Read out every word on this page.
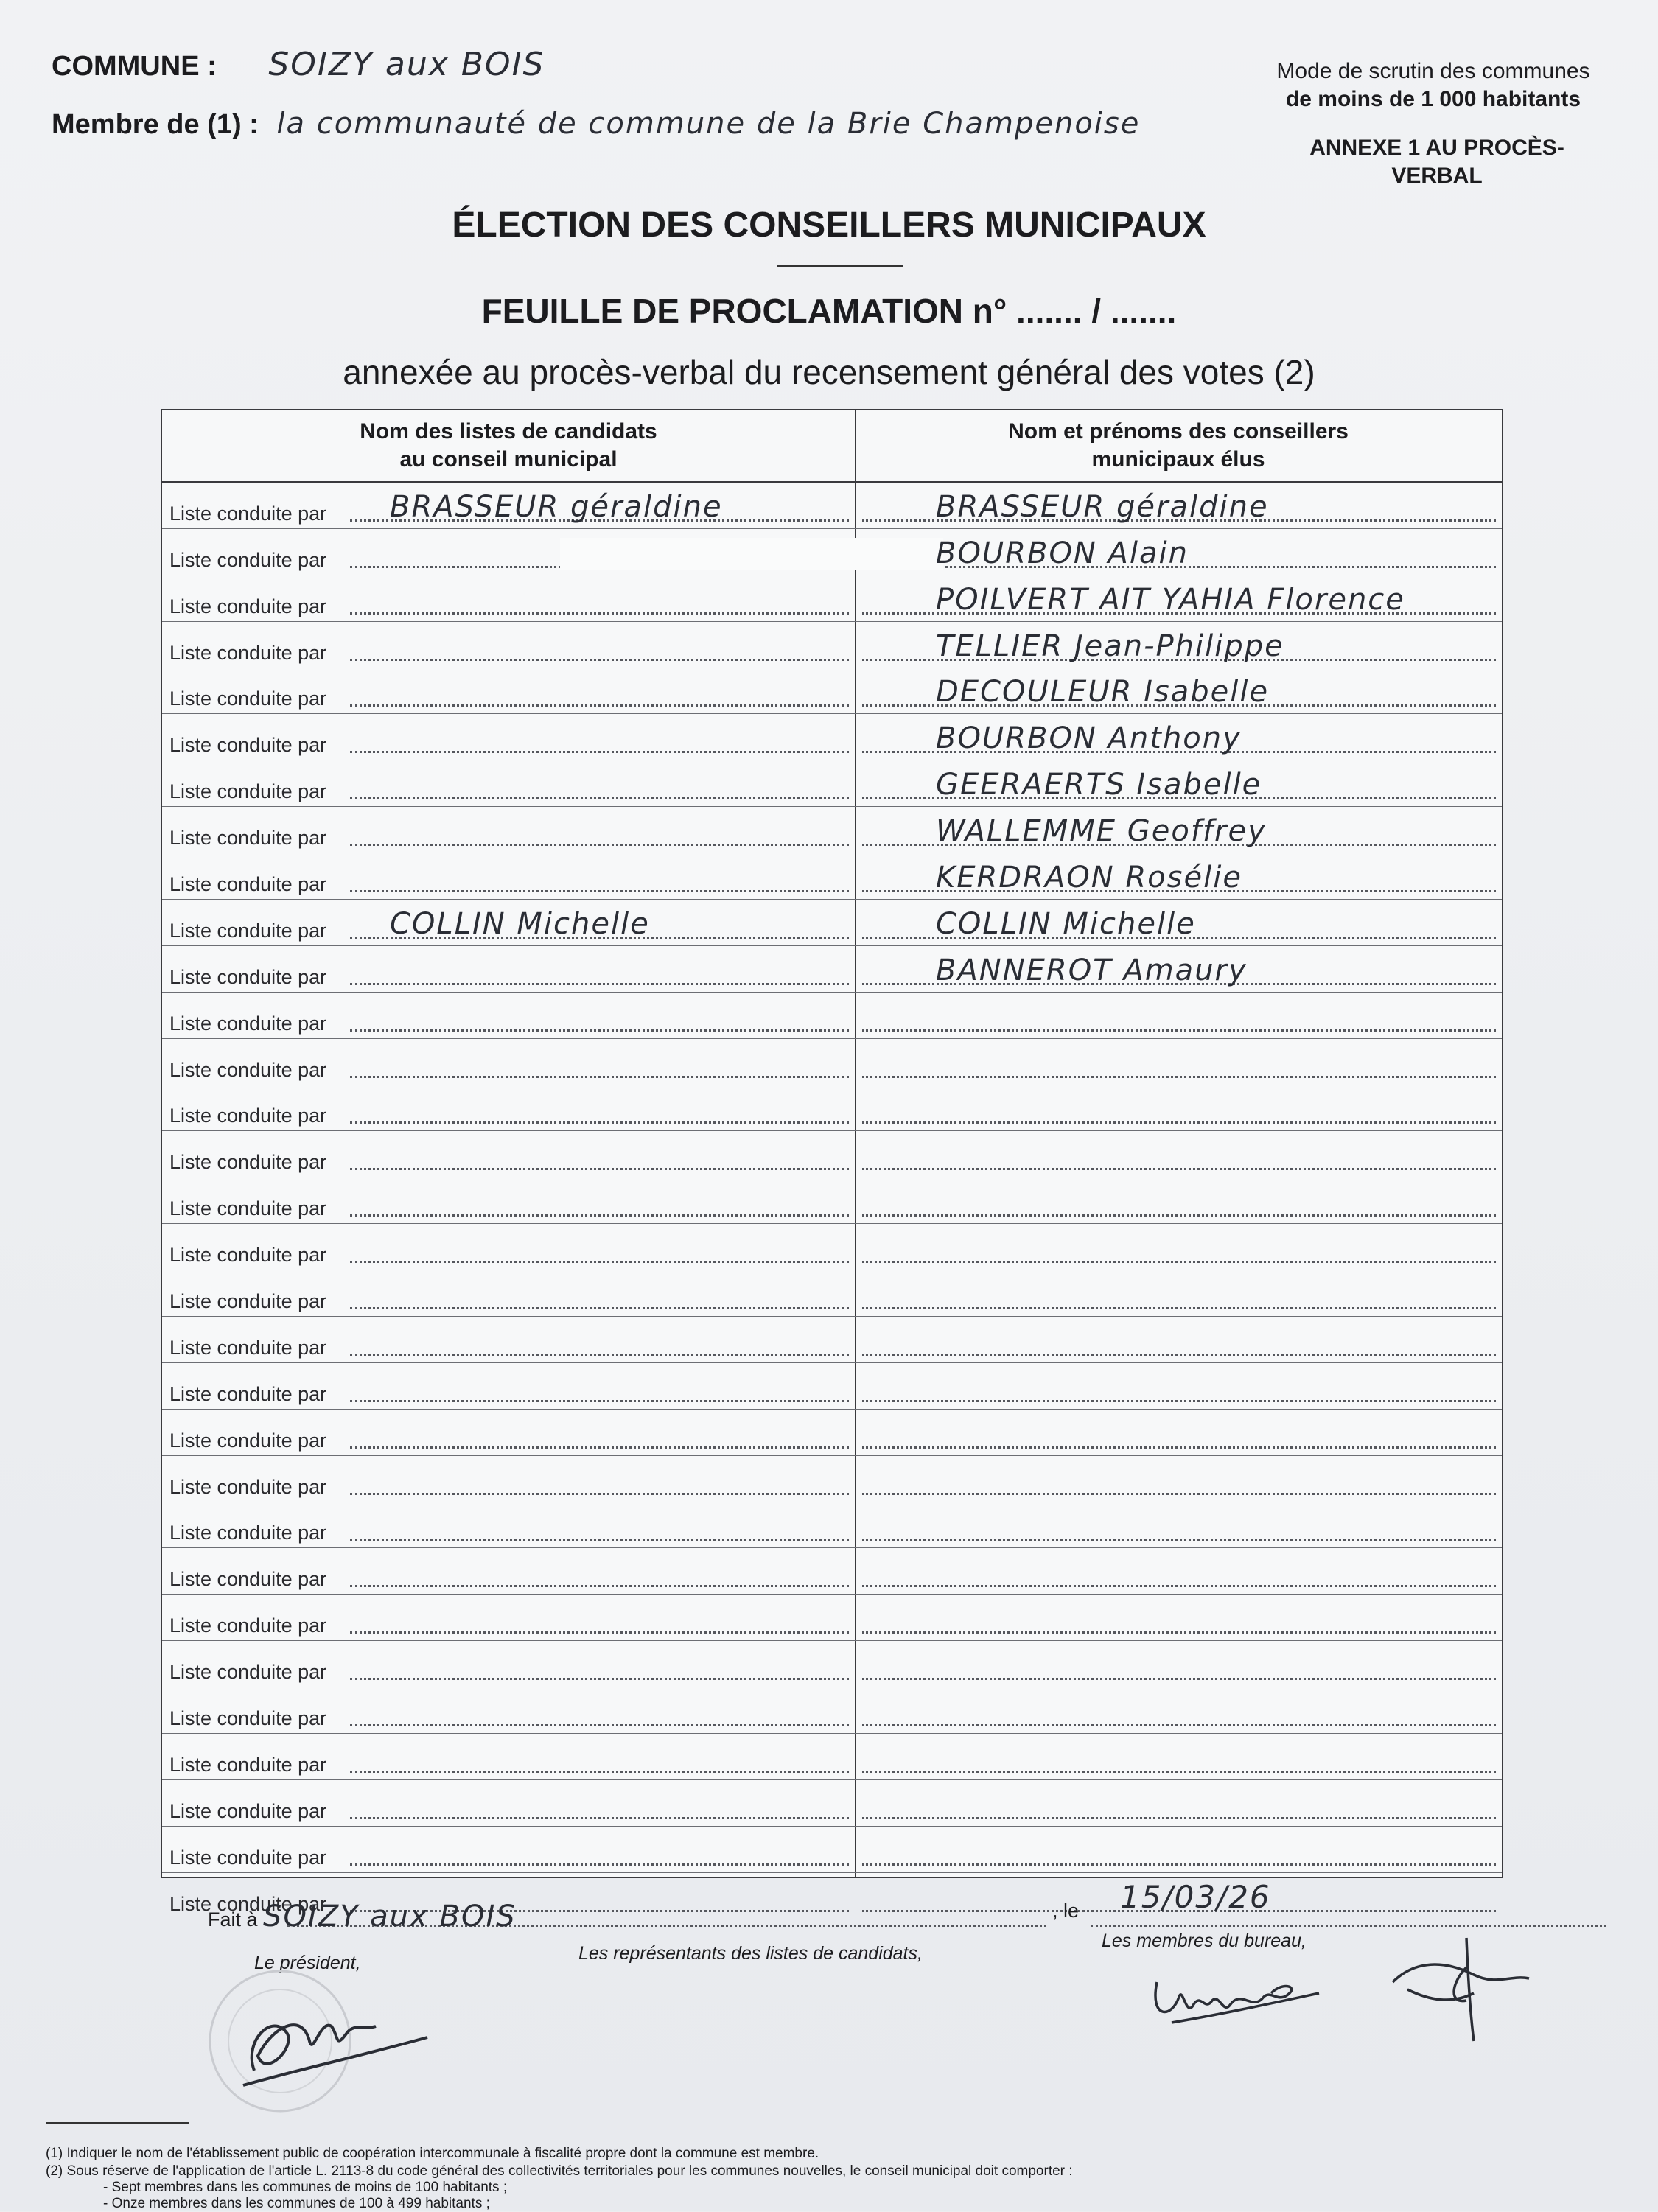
COMMUNE : SOIZY aux BOIS
Membre de (1) : la communauté de commune de la Brie Champenoise
Mode de scrutin des communes
de moins de 1 000 habitants
ANNEXE 1 AU PROCÈS-
VERBAL
ÉLECTION DES CONSEILLERS MUNICIPAUX
FEUILLE DE PROCLAMATION n° ....... / .......
annexée au procès-verbal du recensement général des votes (2)
Nom des listes de candidats
au conseil municipal
Nom et prénoms des conseillers
municipaux élus
Liste conduite par BRASSEUR géraldine	BRASSEUR géraldine
Liste conduite par	BOURBON Alain
Liste conduite par	POILVERT AIT YAHIA Florence
Liste conduite par	TELLIER Jean-Philippe
Liste conduite par	DECOULEUR Isabelle
Liste conduite par	BOURBON Anthony
Liste conduite par	GEERAERTS Isabelle
Liste conduite par	WALLEMME Geoffrey
Liste conduite par	KERDRAON Rosélie
Liste conduite par COLLIN Michelle	COLLIN Michelle
Liste conduite par	BANNEROT Amaury
Liste conduite par
Liste conduite par
Liste conduite par
Liste conduite par
Liste conduite par
Liste conduite par
Liste conduite par
Liste conduite par
Liste conduite par
Liste conduite par
Liste conduite par
Liste conduite par
Liste conduite par
Liste conduite par
Liste conduite par
Liste conduite par
Liste conduite par
Liste conduite par
Liste conduite par
Liste conduite par
Fait à SOIZY aux BOIS	, le 15/03/26
Le président,	Les représentants des listes de candidats,
Les membres du bureau,
(1) Indiquer le nom de l'établissement public de coopération intercommunale à fiscalité propre dont la commune est membre.
(2) Sous réserve de l'application de l'article L. 2113-8 du code général des collectivités territoriales pour les communes nouvelles, le conseil municipal doit comporter :
- Sept membres dans les communes de moins de 100 habitants ;
- Onze membres dans les communes de 100 à 499 habitants ;
